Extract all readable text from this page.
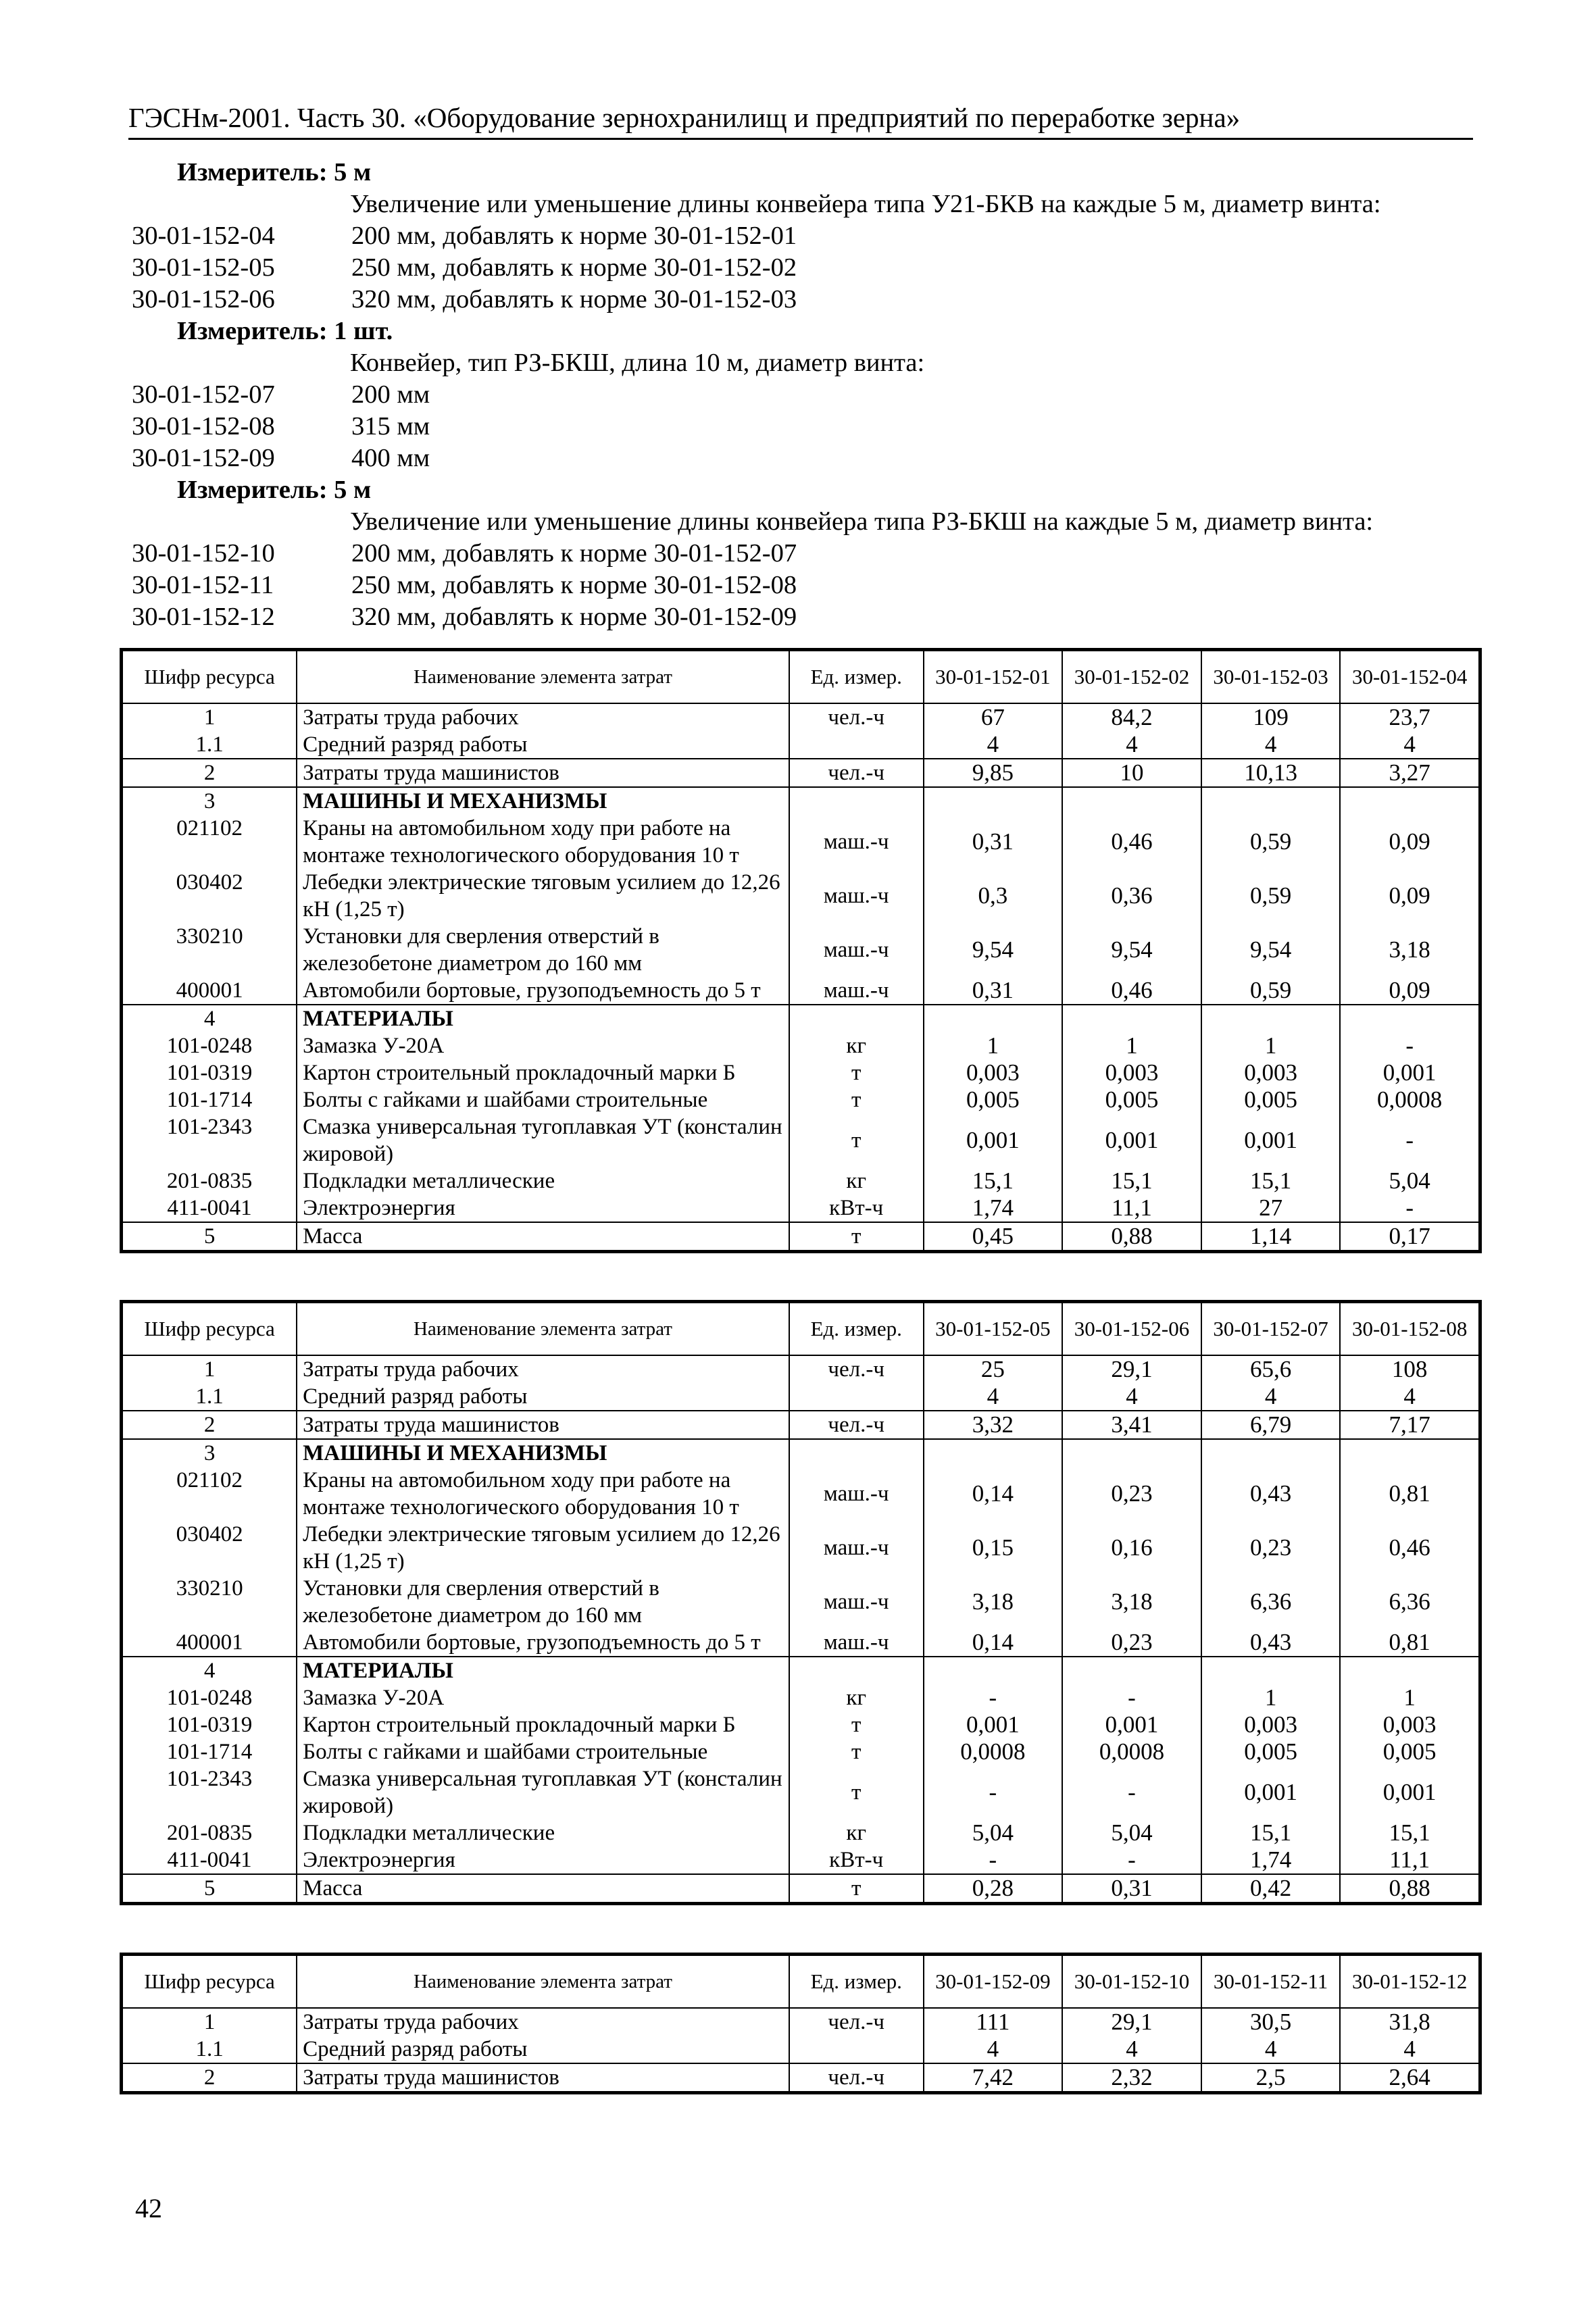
ГЭСНм-2001. Часть 30. «Оборудование зернохранилищ и предприятий по переработке зерна»
Измеритель: 5 м
Увеличение или уменьшение длины конвейера типа У21-БКВ на каждые 5 м, диаметр винта:
30-01-152-04	200 мм, добавлять к норме 30-01-152-01
30-01-152-05	250 мм, добавлять к норме 30-01-152-02
30-01-152-06	320 мм, добавлять к норме 30-01-152-03
Измеритель: 1 шт.
Конвейер, тип РЗ-БКШ, длина 10 м, диаметр винта:
30-01-152-07	200 мм
30-01-152-08	315 мм
30-01-152-09	400 мм
Измеритель: 5 м
Увеличение или уменьшение длины конвейера типа РЗ-БКШ на каждые 5 м, диаметр винта:
30-01-152-10	200 мм, добавлять к норме 30-01-152-07
30-01-152-11	250 мм, добавлять к норме 30-01-152-08
30-01-152-12	320 мм, добавлять к норме 30-01-152-09
Шифр ресурса	Наименование элемента затрат	Ед. измер.	30-01-152-01	30-01-152-02	30-01-152-03	30-01-152-04
1	Затраты труда рабочих	чел.-ч	67	84,2	109	23,7
1.1	Средний разряд работы		4	4	4	4
2	Затраты труда машинистов	чел.-ч	9,85	10	10,13	3,27
3	МАШИНЫ И МЕХАНИЗМЫ					
021102	Краны на автомобильном ходу при работе на монтаже технологического оборудования 10 т	маш.-ч	0,31	0,46	0,59	0,09
030402	Лебедки электрические тяговым усилием до 12,26 кН (1,25 т)	маш.-ч	0,3	0,36	0,59	0,09
330210	Установки для сверления отверстий в железобетоне диаметром до 160 мм	маш.-ч	9,54	9,54	9,54	3,18
400001	Автомобили бортовые, грузоподъемность до 5 т	маш.-ч	0,31	0,46	0,59	0,09
4	МАТЕРИАЛЫ					
101-0248	Замазка У-20А	кг	1	1	1	-
101-0319	Картон строительный прокладочный марки Б	т	0,003	0,003	0,003	0,001
101-1714	Болты с гайками и шайбами строительные	т	0,005	0,005	0,005	0,0008
101-2343	Смазка универсальная тугоплавкая УТ (консталин жировой)	т	0,001	0,001	0,001	-
201-0835	Подкладки металлические	кг	15,1	15,1	15,1	5,04
411-0041	Электроэнергия	кВт-ч	1,74	11,1	27	-
5	Масса	т	0,45	0,88	1,14	0,17
Шифр ресурса	Наименование элемента затрат	Ед. измер.	30-01-152-05	30-01-152-06	30-01-152-07	30-01-152-08
1	Затраты труда рабочих	чел.-ч	25	29,1	65,6	108
1.1	Средний разряд работы		4	4	4	4
2	Затраты труда машинистов	чел.-ч	3,32	3,41	6,79	7,17
3	МАШИНЫ И МЕХАНИЗМЫ					
021102	Краны на автомобильном ходу при работе на монтаже технологического оборудования 10 т	маш.-ч	0,14	0,23	0,43	0,81
030402	Лебедки электрические тяговым усилием до 12,26 кН (1,25 т)	маш.-ч	0,15	0,16	0,23	0,46
330210	Установки для сверления отверстий в железобетоне диаметром до 160 мм	маш.-ч	3,18	3,18	6,36	6,36
400001	Автомобили бортовые, грузоподъемность до 5 т	маш.-ч	0,14	0,23	0,43	0,81
4	МАТЕРИАЛЫ					
101-0248	Замазка У-20А	кг	-	-	1	1
101-0319	Картон строительный прокладочный марки Б	т	0,001	0,001	0,003	0,003
101-1714	Болты с гайками и шайбами строительные	т	0,0008	0,0008	0,005	0,005
101-2343	Смазка универсальная тугоплавкая УТ (консталин жировой)	т	-	-	0,001	0,001
201-0835	Подкладки металлические	кг	5,04	5,04	15,1	15,1
411-0041	Электроэнергия	кВт-ч	-	-	1,74	11,1
5	Масса	т	0,28	0,31	0,42	0,88
Шифр ресурса	Наименование элемента затрат	Ед. измер.	30-01-152-09	30-01-152-10	30-01-152-11	30-01-152-12
1	Затраты труда рабочих	чел.-ч	111	29,1	30,5	31,8
1.1	Средний разряд работы		4	4	4	4
2	Затраты труда машинистов	чел.-ч	7,42	2,32	2,5	2,64
42
